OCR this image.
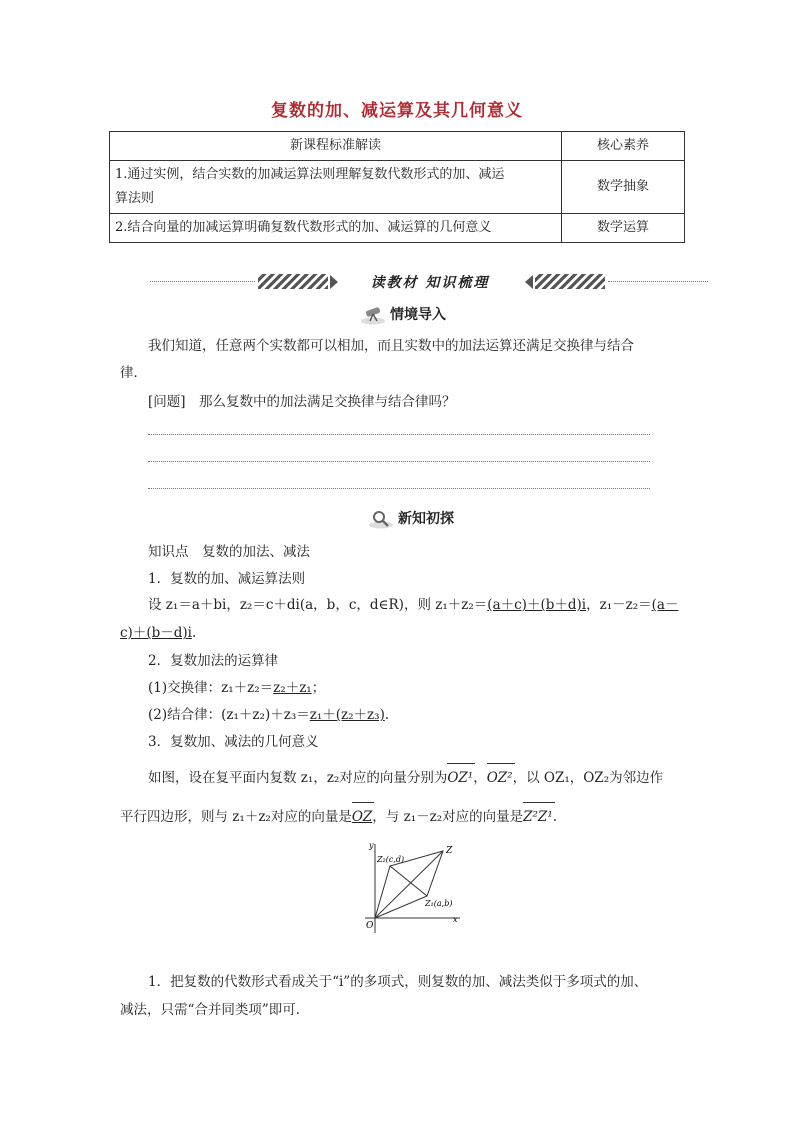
复数的加、减运算及其几何意义
新课程标准解读	核心素养
1.通过实例，结合实数的加减运算法则理解复数代数形式的加、减运
算法则	数学抽象
2.结合向量的加减运算明确复数代数形式的加、减运算的几何意义	数学运算
读教材 知识梳理
情境导入

我们知道，任意两个实数都可以相加，而且实数中的加法运算还满足交换律与结合

律．

[问题]　那么复数中的加法满足交换律与结合律吗？

新知初探

知识点　复数的加法、减法

1．复数的加、减运算法则

设 z₁＝a＋bi，z₂＝c＋di(a，b，c，d∈R)，则 z₁＋z₂＝(a＋c)＋(b＋d)i，z₁－z₂＝(a－

c)＋(b－d)i.

2．复数加法的运算律

(1)交换律：z₁＋z₂＝z₂＋z₁；

(2)结合律：(z₁＋z₂)＋z₃＝z₁＋(z₂＋z₃).

3．复数加、减法的几何意义

如图，设在复平面内复数 z₁，z₂对应的向量分别为OZ¹，OZ²，以 OZ₁，OZ₂为邻边作

平行四边形，则与 z₁＋z₂对应的向量是OZ，与 z₁－z₂对应的向量是Z²Z¹.

y
x
O
Z
Z₂(c,d)
Z₁(a,b)

1．把复数的代数形式看成关于“i”的多项式，则复数的加、减法类似于多项式的加、

减法，只需“合并同类项”即可．
